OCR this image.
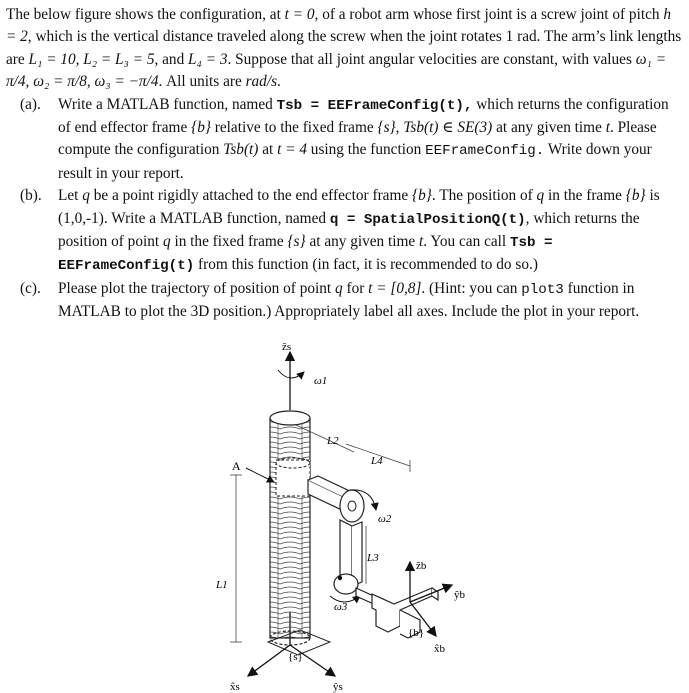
The below figure shows the configuration, at t = 0, of a robot arm whose first joint is a screw joint of pitch h = 2, which is the vertical distance traveled along the screw when the joint rotates 1 rad. The arm’s link lengths are L₁ = 10, L₂ = L₃ = 5, and L₄ = 3. Suppose that all joint angular velocities are constant, with values ω₁ = π/4, ω₂ = π/8, ω₃ = −π/4. All units are rad/s.

(a). Write a MATLAB function, named Tsb = EEFrameConfig(t), which returns the configuration of end effector frame {b} relative to the fixed frame {s}, Tsb(t) ∈ SE(3) at any given time t. Please compute the configuration Tsb(t) at t = 4 using the function EEFrameConfig. Write down your result in your report.

(b). Let q be a point rigidly attached to the end effector frame {b}. The position of q in the frame {b} is (1,0,-1). Write a MATLAB function, named q = SpatialPositionQ(t), which returns the position of point q in the fixed frame {s} at any given time t. You can call Tsb = EEFrameConfig(t) from this function (in fact, it is recommended to do so.)

(c). Please plot the trajectory of position of point q for t = [0,8]. (Hint: you can plot3 function in MATLAB to plot the 3D position.) Appropriately label all axes. Include the plot in your report.

ẑs
ω1
L2
L4
A
ω2
L3
ẑb
ŷb
L1
ω3
{b}
x̂b
{s}
x̂s	ŷs
